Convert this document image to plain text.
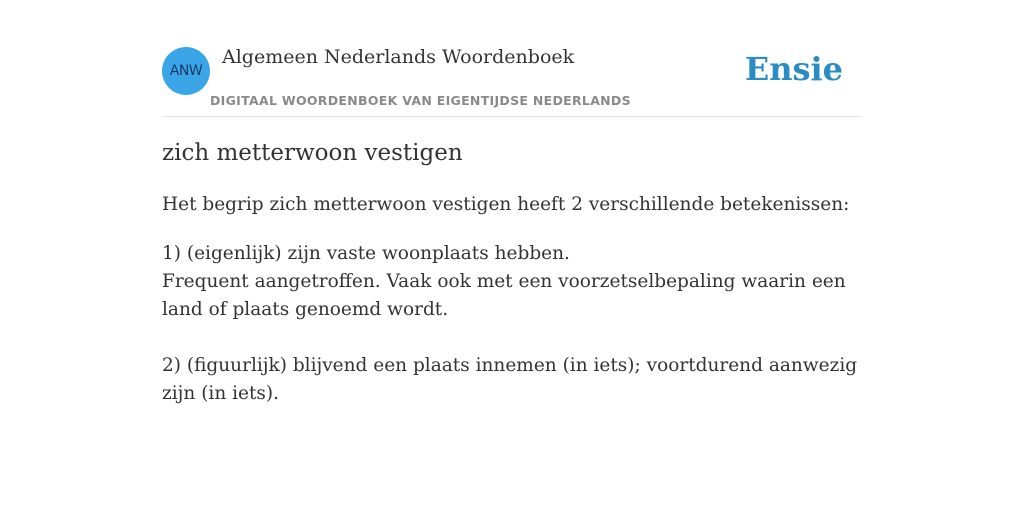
ANW
Algemeen Nederlands Woordenboek
DIGITAAL WOORDENBOEK VAN EIGENTIJDSE NEDERLANDS
Ensie
zich metterwoon vestigen

Het begrip zich metterwoon vestigen heeft 2 verschillende betekenissen:

1) (eigenlijk) zijn vaste woonplaats hebben.
Frequent aangetroffen. Vaak ook met een voorzetselbepaling waarin een land of plaats genoemd wordt.
2) (figuurlijk) blijvend een plaats innemen (in iets); voortdurend aanwezig zijn (in iets).
